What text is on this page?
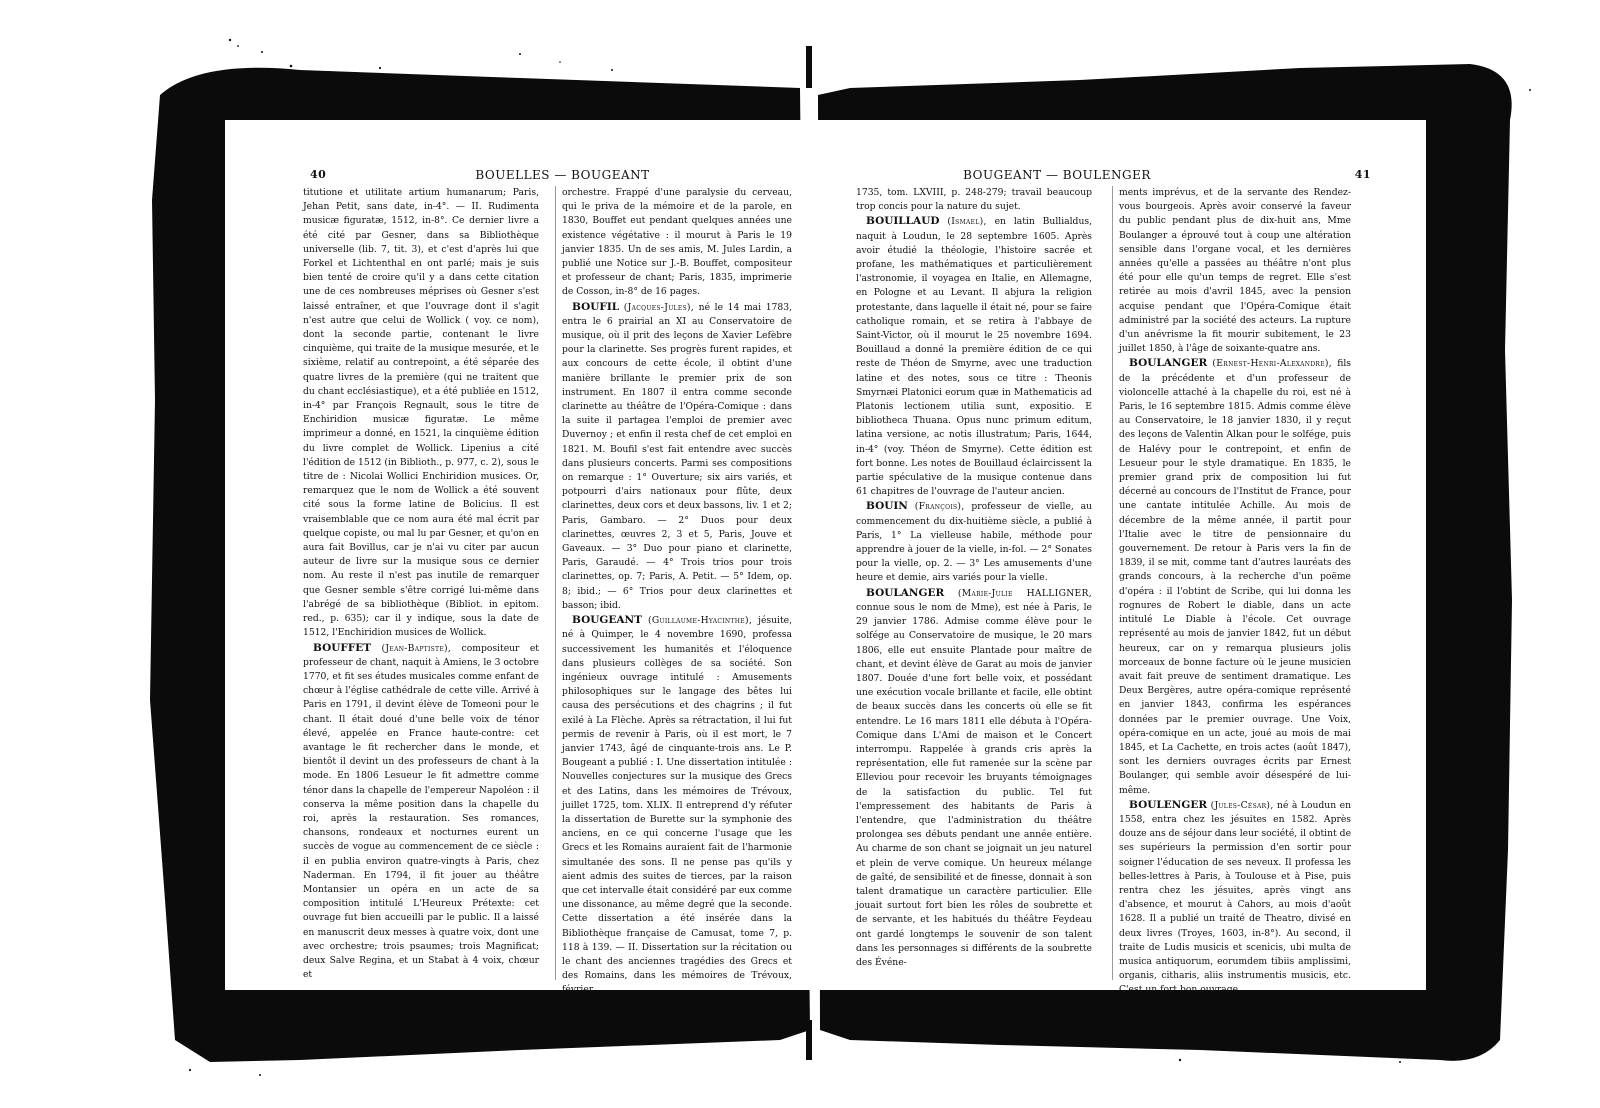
40	BOUELLES — BOUGEANT

titutione et utilitate artium humanarum; Paris, Jehan Petit, sans date, in-4°. — II. Rudimenta musicæ figuratæ, 1512, in-8°. Ce dernier livre a été cité par Gesner, dans sa Bibliothèque universelle (lib. 7, tit. 3), et c'est d'après lui que Forkel et Lichtenthal en ont parlé; mais je suis bien tenté de croire qu'il y a dans cette citation une de ces nombreuses méprises où Gesner s'est laissé entraîner, et que l'ouvrage dont il s'agit n'est autre que celui de Wollick ( voy. ce nom), dont la seconde partie, contenant le livre cinquième, qui traite de la musique mesurée, et le sixième, relatif au contrepoint, a été séparée des quatre livres de la première (qui ne traitent que du chant ecclésiastique), et a été publiée en 1512, in-4° par François Regnault, sous le titre de Enchiridion musicæ figuratæ. Le même imprimeur a donné, en 1521, la cinquième édition du livre complet de Wollick. Lipenius a cité l'édition de 1512 (in Biblioth., p. 977, c. 2), sous le titre de : Nicolai Wollici Enchiridion musices. Or, remarquez que le nom de Wollick a été souvent cité sous la forme latine de Bolicius. Il est vraisemblable que ce nom aura été mal écrit par quelque copiste, ou mal lu par Gesner, et qu'on en aura fait Bovillus, car je n'ai vu citer par aucun auteur de livre sur la musique sous ce dernier nom. Au reste il n'est pas inutile de remarquer que Gesner semble s'être corrigé lui-même dans l'abrégé de sa bibliothèque (Bibliot. in epitom. red., p. 635); car il y indique, sous la date de 1512, l'Enchiridion musices de Wollick.

BOUFFET (Jean-Baptiste), compositeur et professeur de chant, naquit à Amiens, le 3 octobre 1770, et fit ses études musicales comme enfant de chœur à l'église cathédrale de cette ville. Arrivé à Paris en 1791, il devint élève de Tomeoni pour le chant. Il était doué d'une belle voix de ténor élevé, appelée en France haute-contre: cet avantage le fit rechercher dans le monde, et bientôt il devint un des professeurs de chant à la mode. En 1806 Lesueur le fit admettre comme ténor dans la chapelle de l'empereur Napoléon : il conserva la même position dans la chapelle du roi, après la restauration. Ses romances, chansons, rondeaux et nocturnes eurent un succès de vogue au commencement de ce siècle : il en publia environ quatre-vingts à Paris, chez Naderman. En 1794, il fit jouer au théâtre Montansier un opéra en un acte de sa composition intitulé L'Heureux Prétexte: cet ouvrage fut bien accueilli par le public. Il a laissé en manuscrit deux messes à quatre voix, dont une avec orchestre; trois psaumes; trois Magnificat; deux Salve Regina, et un Stabat à 4 voix, chœur et

orchestre. Frappé d'une paralysie du cerveau, qui le priva de la mémoire et de la parole, en 1830, Bouffet eut pendant quelques années une existence végétative : il mourut à Paris le 19 janvier 1835. Un de ses amis, M. Jules Lardin, a publié une Notice sur J.-B. Bouffet, compositeur et professeur de chant; Paris, 1835, imprimerie de Cosson, in-8° de 16 pages.

BOUFIL (Jacques-Jules), né le 14 mai 1783, entra le 6 prairial an XI au Conservatoire de musique, où il prit des leçons de Xavier Lefèbre pour la clarinette. Ses progrès furent rapides, et aux concours de cette école, il obtint d'une manière brillante le premier prix de son instrument. En 1807 il entra comme seconde clarinette au théâtre de l'Opéra-Comique : dans la suite il partagea l'emploi de premier avec Duvernoy ; et enfin il resta chef de cet emploi en 1821. M. Boufil s'est fait entendre avec succès dans plusieurs concerts. Parmi ses compositions on remarque : 1° Ouverture; six airs variés, et potpourri d'airs nationaux pour flûte, deux clarinettes, deux cors et deux bassons, liv. 1 et 2; Paris, Gambaro. — 2° Duos pour deux clarinettes, œuvres 2, 3 et 5, Paris, Jouve et Gaveaux. — 3° Duo pour piano et clarinette, Paris, Garaudé. — 4° Trois trios pour trois clarinettes, op. 7; Paris, A. Petit. — 5° Idem, op. 8; ibid.; — 6° Trios pour deux clarinettes et basson; ibid.

BOUGEANT (Guillaume-Hyacinthe), jésuite, né à Quimper, le 4 novembre 1690, professa successivement les humanités et l'éloquence dans plusieurs collèges de sa société. Son ingénieux ouvrage intitulé : Amusements philosophiques sur le langage des bêtes lui causa des persécutions et des chagrins ; il fut exilé à La Flèche. Après sa rétractation, il lui fut permis de revenir à Paris, où il est mort, le 7 janvier 1743, âgé de cinquante-trois ans. Le P. Bougeant a publié : I. Une dissertation intitulée : Nouvelles conjectures sur la musique des Grecs et des Latins, dans les mémoires de Trévoux, juillet 1725, tom. XLIX. Il entreprend d'y réfuter la dissertation de Burette sur la symphonie des anciens, en ce qui concerne l'usage que les Grecs et les Romains auraient fait de l'harmonie simultanée des sons. Il ne pense pas qu'ils y aient admis des suites de tierces, par la raison que cet intervalle était considéré par eux comme une dissonance, au même degré que la seconde. Cette dissertation a été insérée dans la Bibliothèque française de Camusat, tome 7, p. 118 à 139. — II. Dissertation sur la récitation ou le chant des anciennes tragédies des Grecs et des Romains, dans les mémoires de Trévoux, février

BOUGEANT — BOULENGER	41

1735, tom. LXVIII, p. 248-279; travail beaucoup trop concis pour la nature du sujet.

BOUILLAUD (Ismael), en latin Bullialdus, naquit à Loudun, le 28 septembre 1605. Après avoir étudié la théologie, l'histoire sacrée et profane, les mathématiques et particulièrement l'astronomie, il voyagea en Italie, en Allemagne, en Pologne et au Levant. Il abjura la religion protestante, dans laquelle il était né, pour se faire catholique romain, et se retira à l'abbaye de Saint-Victor, où il mourut le 25 novembre 1694. Bouillaud a donné la première édition de ce qui reste de Théon de Smyrne, avec une traduction latine et des notes, sous ce titre : Theonis Smyrnæi Platonici eorum quæ in Mathematicis ad Platonis lectionem utilia sunt, expositio. E bibliotheca Thuana. Opus nunc primum editum, latina versione, ac notis illustratum; Paris, 1644, in-4° (voy. Théon de Smyrne). Cette édition est fort bonne. Les notes de Bouillaud éclaircissent la partie spéculative de la musique contenue dans 61 chapitres de l'ouvrage de l'auteur ancien.

BOUIN (François), professeur de vielle, au commencement du dix-huitième siècle, a publié à Paris, 1° La vielleuse habile, méthode pour apprendre à jouer de la vielle, in-fol. — 2° Sonates pour la vielle, op. 2. — 3° Les amusements d'une heure et demie, airs variés pour la vielle.

BOULANGER (Marie-Julie HALLIGNER, connue sous le nom de Mme), est née à Paris, le 29 janvier 1786. Admise comme élève pour le solfége au Conservatoire de musique, le 20 mars 1806, elle eut ensuite Plantade pour maître de chant, et devint élève de Garat au mois de janvier 1807. Douée d'une fort belle voix, et possédant une exécution vocale brillante et facile, elle obtint de beaux succès dans les concerts où elle se fit entendre. Le 16 mars 1811 elle débuta à l'Opéra-Comique dans L'Ami de maison et le Concert interrompu. Rappelée à grands cris après la représentation, elle fut ramenée sur la scène par Elleviou pour recevoir les bruyants témoignages de la satisfaction du public. Tel fut l'empressement des habitants de Paris à l'entendre, que l'administration du théâtre prolongea ses débuts pendant une année entière. Au charme de son chant se joignait un jeu naturel et plein de verve comique. Un heureux mélange de gaîté, de sensibilité et de finesse, donnait à son talent dramatique un caractère particulier. Elle jouait surtout fort bien les rôles de soubrette et de servante, et les habitués du théâtre Feydeau ont gardé longtemps le souvenir de son talent dans les personnages si différents de la soubrette des Événe-

ments imprévus, et de la servante des Rendez-vous bourgeois. Après avoir conservé la faveur du public pendant plus de dix-huit ans, Mme Boulanger a éprouvé tout à coup une altération sensible dans l'organe vocal, et les dernières années qu'elle a passées au théâtre n'ont plus été pour elle qu'un temps de regret. Elle s'est retirée au mois d'avril 1845, avec la pension acquise pendant que l'Opéra-Comique était administré par la société des acteurs. La rupture d'un anévrisme la fit mourir subitement, le 23 juillet 1850, à l'âge de soixante-quatre ans.

BOULANGER (Ernest-Henri-Alexandre), fils de la précédente et d'un professeur de violoncelle attaché à la chapelle du roi, est né à Paris, le 16 septembre 1815. Admis comme élève au Conservatoire, le 18 janvier 1830, il y reçut des leçons de Valentin Alkan pour le solfége, puis de Halévy pour le contrepoint, et enfin de Lesueur pour le style dramatique. En 1835, le premier grand prix de composition lui fut décerné au concours de l'Institut de France, pour une cantate intitulée Achille. Au mois de décembre de la même année, il partit pour l'Italie avec le titre de pensionnaire du gouvernement. De retour à Paris vers la fin de 1839, il se mit, comme tant d'autres lauréats des grands concours, à la recherche d'un poëme d'opéra : il l'obtint de Scribe, qui lui donna les rognures de Robert le diable, dans un acte intitulé Le Diable à l'école. Cet ouvrage représenté au mois de janvier 1842, fut un début heureux, car on y remarqua plusieurs jolis morceaux de bonne facture où le jeune musicien avait fait preuve de sentiment dramatique. Les Deux Bergères, autre opéra-comique représenté en janvier 1843, confirma les espérances données par le premier ouvrage. Une Voix, opéra-comique en un acte, joué au mois de mai 1845, et La Cachette, en trois actes (août 1847), sont les derniers ouvrages écrits par Ernest Boulanger, qui semble avoir désespéré de lui-même.

BOULENGER (Jules-César), né à Loudun en 1558, entra chez les jésuites en 1582. Après douze ans de séjour dans leur société, il obtint de ses supérieurs la permission d'en sortir pour soigner l'éducation de ses neveux. Il professa les belles-lettres à Paris, à Toulouse et à Pise, puis rentra chez les jésuites, après vingt ans d'absence, et mourut à Cahors, au mois d'août 1628. Il a publié un traité de Theatro, divisé en deux livres (Troyes, 1603, in-8°). Au second, il traite de Ludis musicis et scenicis, ubi multa de musica antiquorum, eorumdem tibiis amplissimi, organis, citharis, aliis instrumentis musicis, etc. C'est un fort bon ouvrage,
